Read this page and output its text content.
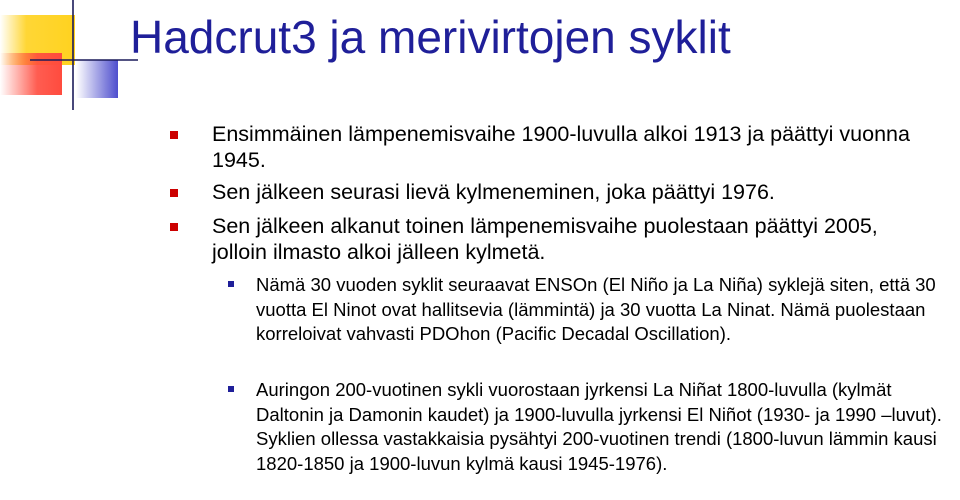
Hadcrut3 ja merivirtojen syklit
Ensimmäinen lämpenemisvaihe 1900-luvulla alkoi 1913 ja päättyi vuonna 1945.
Sen jälkeen seurasi lievä kylmeneminen, joka päättyi 1976.
Sen jälkeen alkanut toinen lämpenemisvaihe puolestaan päättyi 2005, jolloin ilmasto alkoi jälleen kylmetä.
Nämä 30 vuoden syklit seuraavat ENSOn (El Niño ja La Niña) syklejä siten, että 30 vuotta El Ninot ovat hallitsevia (lämmintä) ja 30 vuotta La Ninat. Nämä puolestaan korreloivat vahvasti PDOhon (Pacific Decadal Oscillation).
Auringon 200-vuotinen sykli vuorostaan jyrkensi La Niñat 1800-luvulla (kylmät Daltonin ja Damonin kaudet) ja 1900-luvulla jyrkensi El Niñot (1930- ja 1990 –luvut). Syklien ollessa vastakkaisia pysähtyi 200-vuotinen trendi (1800-luvun lämmin kausi 1820-1850 ja 1900-luvun kylmä kausi 1945-1976).
